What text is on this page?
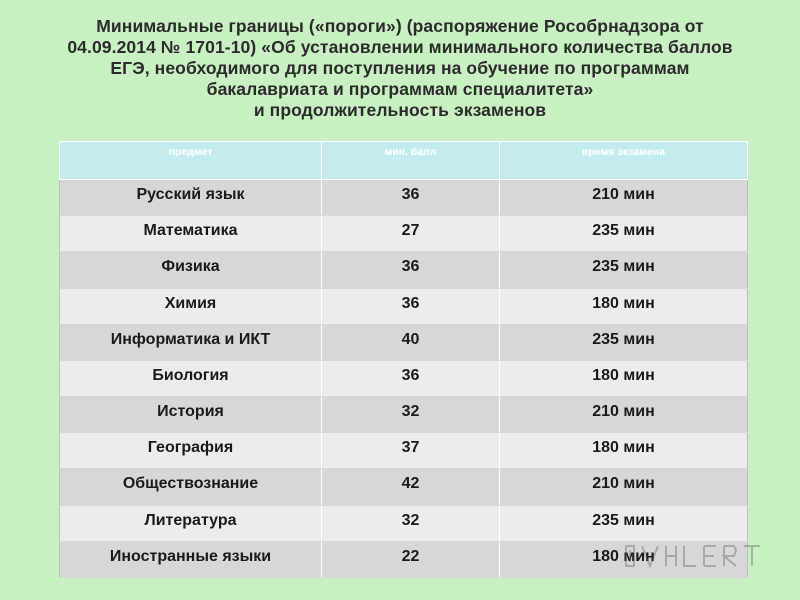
Минимальные границы («пороги») (распоряжение Рособрнадзора от
04.09.2014 № 1701-10) «Об установлении минимального количества баллов
ЕГЭ, необходимого для поступления на обучение по программам
бакалавриата и программам специалитета»
и продолжительность экзаменов
предмет	мин. балл	время экзамена
Русский язык	36	210 мин
Математика	27	235 мин
Физика	36	235 мин
Химия	36	180 мин
Информатика и ИКТ	40	235 мин
Биология	36	180 мин
История	32	210 мин
География	37	180 мин
Обществознание	42	210 мин
Литература	32	235 мин
Иностранные языки	22	180 мин
